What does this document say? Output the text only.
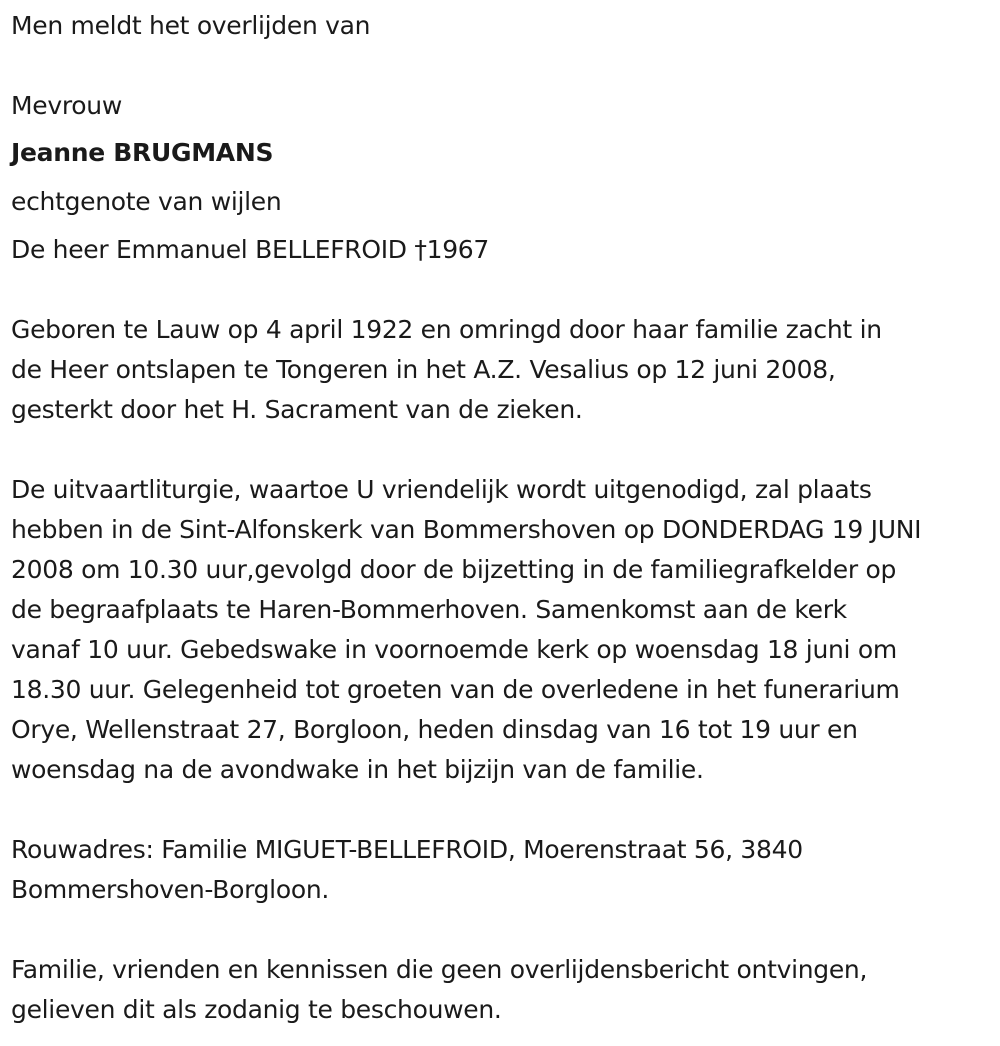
Men meldt het overlijden van
Mevrouw
Jeanne BRUGMANS
echtgenote van wijlen
De heer Emmanuel BELLEFROID †1967
Geboren te Lauw op 4 april 1922 en omringd door haar familie zacht in
de Heer ontslapen te Tongeren in het A.Z. Vesalius op 12 juni 2008,
gesterkt door het H. Sacrament van de zieken.
De uitvaartliturgie, waartoe U vriendelijk wordt uitgenodigd, zal plaats
hebben in de Sint-Alfonskerk van Bommershoven op DONDERDAG 19 JUNI
2008 om 10.30 uur,gevolgd door de bijzetting in de familiegrafkelder op
de begraafplaats te Haren-Bommerhoven. Samenkomst aan de kerk
vanaf 10 uur. Gebedswake in voornoemde kerk op woensdag 18 juni om
18.30 uur. Gelegenheid tot groeten van de overledene in het funerarium
Orye, Wellenstraat 27, Borgloon, heden dinsdag van 16 tot 19 uur en
woensdag na de avondwake in het bijzijn van de familie.
Rouwadres: Familie MIGUET-BELLEFROID, Moerenstraat 56, 3840
Bommershoven-Borgloon.
Familie, vrienden en kennissen die geen overlijdensbericht ontvingen,
gelieven dit als zodanig te beschouwen.
